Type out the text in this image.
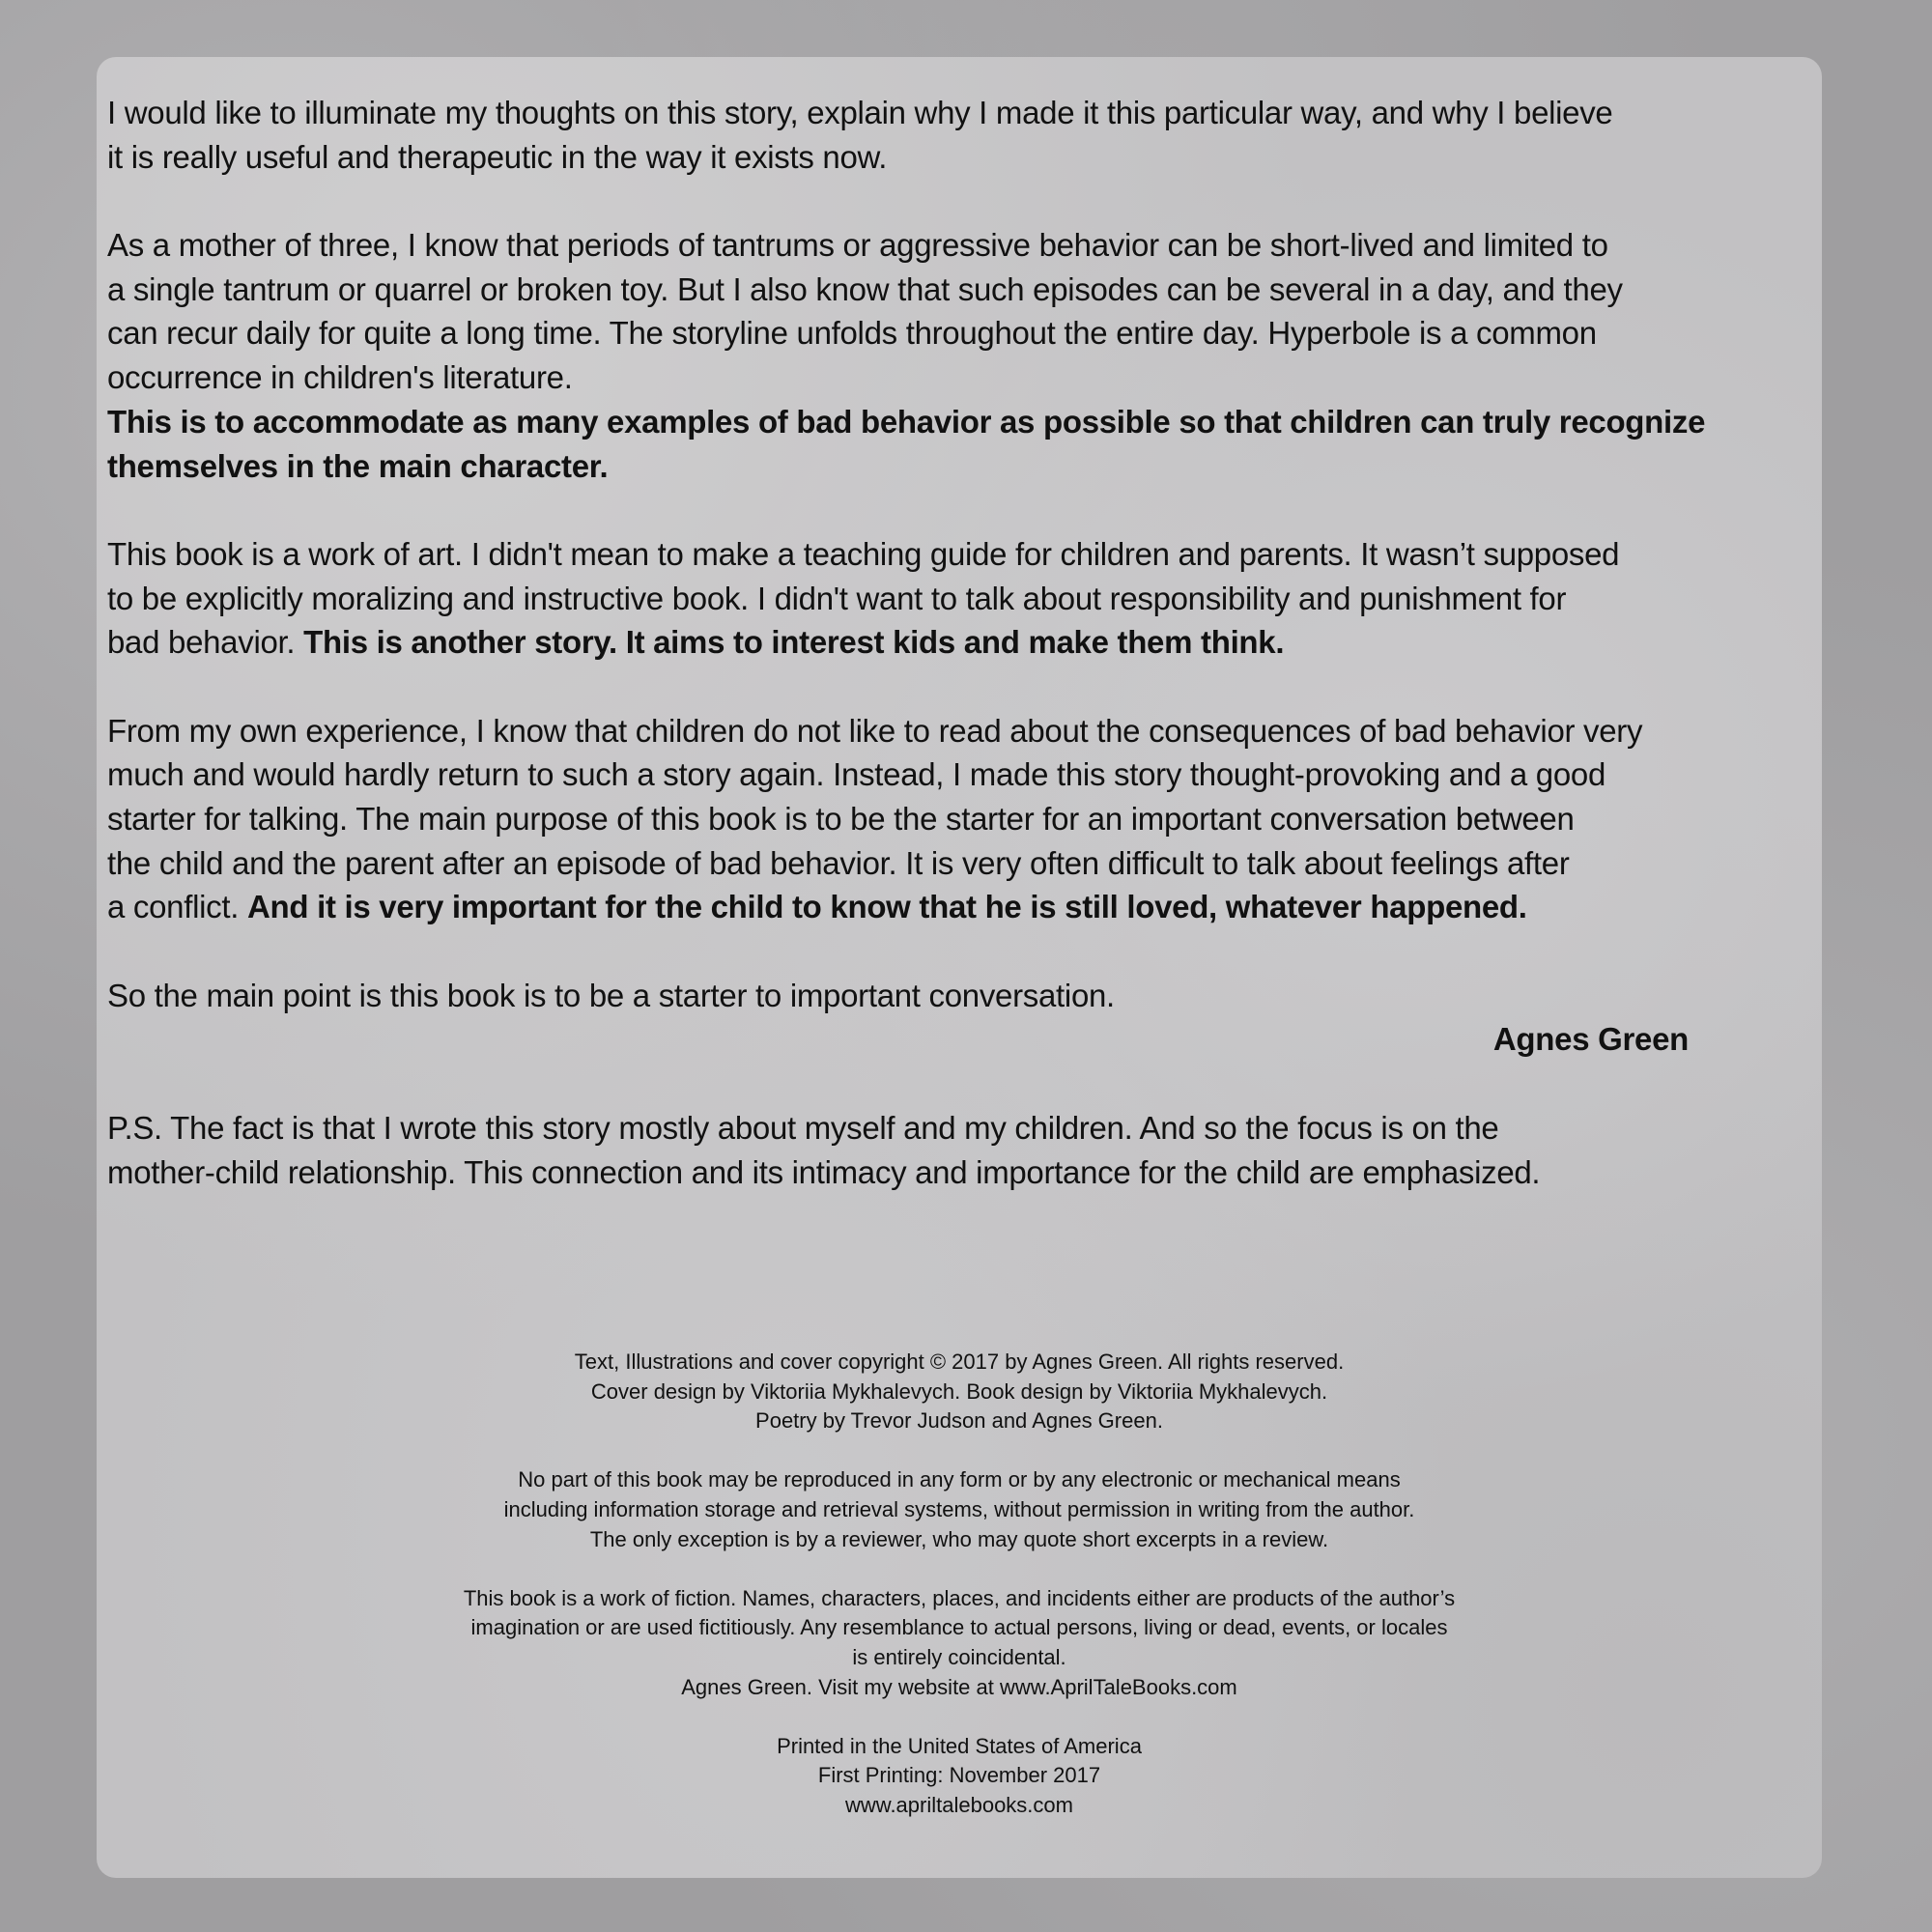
I would like to illuminate my thoughts on this story, explain why I made it this particular way, and why I believe
it is really useful and therapeutic in the way it exists now.
As a mother of three, I know that periods of tantrums or aggressive behavior can be short-lived and limited to
a single tantrum or quarrel or broken toy. But I also know that such episodes can be several in a day, and they
can recur daily for quite a long time. The storyline unfolds throughout the entire day. Hyperbole is a common
occurrence in children's literature.
This is to accommodate as many examples of bad behavior as possible so that children can truly recognize
themselves in the main character.
This book is a work of art. I didn't mean to make a teaching guide for children and parents. It wasn’t supposed
to be explicitly moralizing and instructive book. I didn't want to talk about responsibility and punishment for
bad behavior. This is another story. It aims to interest kids and make them think.
From my own experience, I know that children do not like to read about the consequences of bad behavior very
much and would hardly return to such a story again. Instead, I made this story thought-provoking and a good
starter for talking. The main purpose of this book is to be the starter for an important conversation between
the child and the parent after an episode of bad behavior. It is very often difficult to talk about feelings after
a conflict. And it is very important for the child to know that he is still loved, whatever happened.
So the main point is this book is to be a starter to important conversation.
Agnes Green
P.S. The fact is that I wrote this story mostly about myself and my children. And so the focus is on the
mother-child relationship. This connection and its intimacy and importance for the child are emphasized.
Text, Illustrations and cover copyright © 2017 by Agnes Green. All rights reserved.
Cover design by Viktoriia Mykhalevych. Book design by Viktoriia Mykhalevych.
Poetry by Trevor Judson and Agnes Green.
No part of this book may be reproduced in any form or by any electronic or mechanical means
including information storage and retrieval systems, without permission in writing from the author.
The only exception is by a reviewer, who may quote short excerpts in a review.
This book is a work of fiction. Names, characters, places, and incidents either are products of the author’s
imagination or are used fictitiously. Any resemblance to actual persons, living or dead, events, or locales
is entirely coincidental.
Agnes Green. Visit my website at www.AprilTaleBooks.com
Printed in the United States of America
First Printing: November 2017
www.apriltalebooks.com
